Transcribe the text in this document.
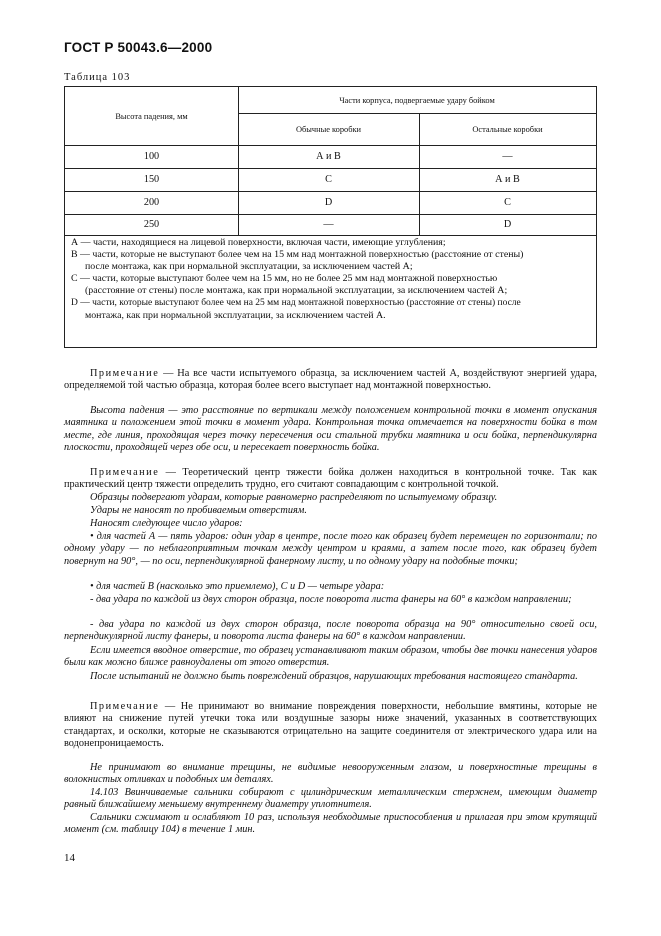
ГОСТ Р 50043.6—2000
Таблица 103
Высота падения, мм
Части корпуса, подвергаемые удару бойком
Обычные коробки	Остальные коробки
100	А и В	—
150	С	А и В
200	D	С
250	—	D
А — части, находящиеся на лицевой поверхности, включая части, имеющие углубления;
В — части, которые не выступают более чем на 15 мм над монтажной поверхностью (расстояние от стены)
после монтажа, как при нормальной эксплуатации, за исключением частей А;
С — части, которые выступают более чем на 15 мм, но не более 25 мм над монтажной поверхностью
(расстояние от стены) после монтажа, как при нормальной эксплуатации, за исключением частей А;
D — части, которые выступают более чем на 25 мм над монтажной поверхностью (расстояние от стены) после
монтажа, как при нормальной эксплуатации, за исключением частей А.
Примечание — На все части испытуемого образца, за исключением частей А, воздействуют энергией удара, определяемой той частью образца, которая более всего выступает над монтажной поверхностью.
Высота падения — это расстояние по вертикали между положением контрольной точки в момент опускания маятника и положением этой точки в момент удара. Контрольная точка отмечается на поверхности бойка в том месте, где линия, проходящая через точку пересечения оси стальной трубки маятника и оси бойка, перпендикулярна плоскости, проходящей через обе оси, и пересекает поверхность бойка.
Примечание — Теоретический центр тяжести бойка должен находиться в контрольной точке. Так как практический центр тяжести определить трудно, его считают совпадающим с контрольной точкой.
Образцы подвергают ударам, которые равномерно распределяют по испытуемому образцу.
Удары не наносят по пробиваемым отверстиям.
Наносят следующее число ударов:
• для частей А — пять ударов: один удар в центре, после того как образец будет перемещен по горизонтали; по одному удару — по неблагоприятным точкам между центром и краями, а затем после того, как образец будет повернут на 90°, — по оси, перпендикулярной фанерному листу, и по одному удару на подобные точки;
• для частей В (насколько это приемлемо), С и D — четыре удара:
- два удара по каждой из двух сторон образца, после поворота листа фанеры на 60° в каждом направлении;
- два удара по каждой из двух сторон образца, после поворота образца на 90° относительно своей оси, перпендикулярной листу фанеры, и поворота листа фанеры на 60° в каждом направлении.
Если имеется вводное отверстие, то образец устанавливают таким образом, чтобы две точки нанесения ударов были как можно ближе равноудалены от этого отверстия.
После испытаний не должно быть повреждений образцов, нарушающих требования настоящего стандарта.
Примечание — Не принимают во внимание повреждения поверхности, небольшие вмятины, которые не влияют на снижение путей утечки тока или воздушные зазоры ниже значений, указанных в соответствующих стандартах, и осколки, которые не сказываются отрицательно на защите соединителя от электрического удара или на водонепроницаемость.
Не принимают во внимание трещины, не видимые невооруженным глазом, и поверхностные трещины в волокнистых отливках и подобных им деталях.
14.103 Ввинчиваемые сальники собирают с цилиндрическим металлическим стержнем, имеющим диаметр равный ближайшему меньшему внутреннему диаметру уплотнителя.
Сальники сжимают и ослабляют 10 раз, используя необходимые приспособления и прилагая при этом крутящий момент (см. таблицу 104) в течение 1 мин.
14
